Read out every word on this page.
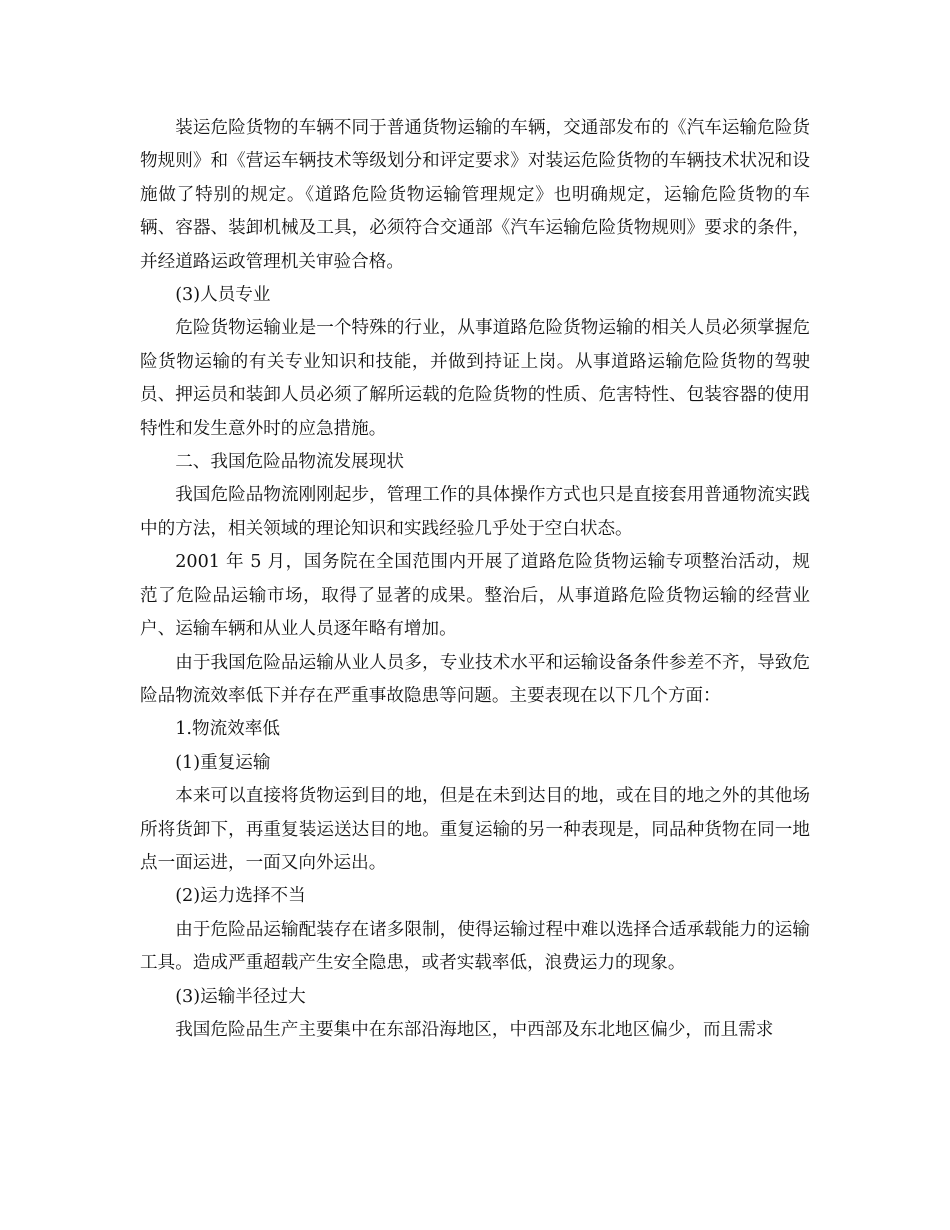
装运危险货物的车辆不同于普通货物运输的车辆，交通部发布的《汽车运输危险货物规则》和《营运车辆技术等级划分和评定要求》对装运危险货物的车辆技术状况和设施做了特别的规定。《道路危险货物运输管理规定》也明确规定，运输危险货物的车辆、容器、装卸机械及工具，必须符合交通部《汽车运输危险货物规则》要求的条件，并经道路运政管理机关审验合格。

(3)人员专业

危险货物运输业是一个特殊的行业，从事道路危险货物运输的相关人员必须掌握危险货物运输的有关专业知识和技能，并做到持证上岗。从事道路运输危险货物的驾驶员、押运员和装卸人员必须了解所运载的危险货物的性质、危害特性、包装容器的使用特性和发生意外时的应急措施。

二、我国危险品物流发展现状

我国危险品物流刚刚起步，管理工作的具体操作方式也只是直接套用普通物流实践中的方法，相关领域的理论知识和实践经验几乎处于空白状态。

2001 年 5 月，国务院在全国范围内开展了道路危险货物运输专项整治活动，规范了危险品运输市场，取得了显著的成果。整治后，从事道路危险货物运输的经营业户、运输车辆和从业人员逐年略有增加。

由于我国危险品运输从业人员多，专业技术水平和运输设备条件参差不齐，导致危险品物流效率低下并存在严重事故隐患等问题。主要表现在以下几个方面：

1.物流效率低

(1)重复运输

本来可以直接将货物运到目的地，但是在未到达目的地，或在目的地之外的其他场所将货卸下，再重复装运送达目的地。重复运输的另一种表现是，同品种货物在同一地点一面运进，一面又向外运出。

(2)运力选择不当

由于危险品运输配装存在诸多限制，使得运输过程中难以选择合适承载能力的运输工具。造成严重超载产生安全隐患，或者实载率低，浪费运力的现象。

(3)运输半径过大

我国危险品生产主要集中在东部沿海地区，中西部及东北地区偏少，而且需求
